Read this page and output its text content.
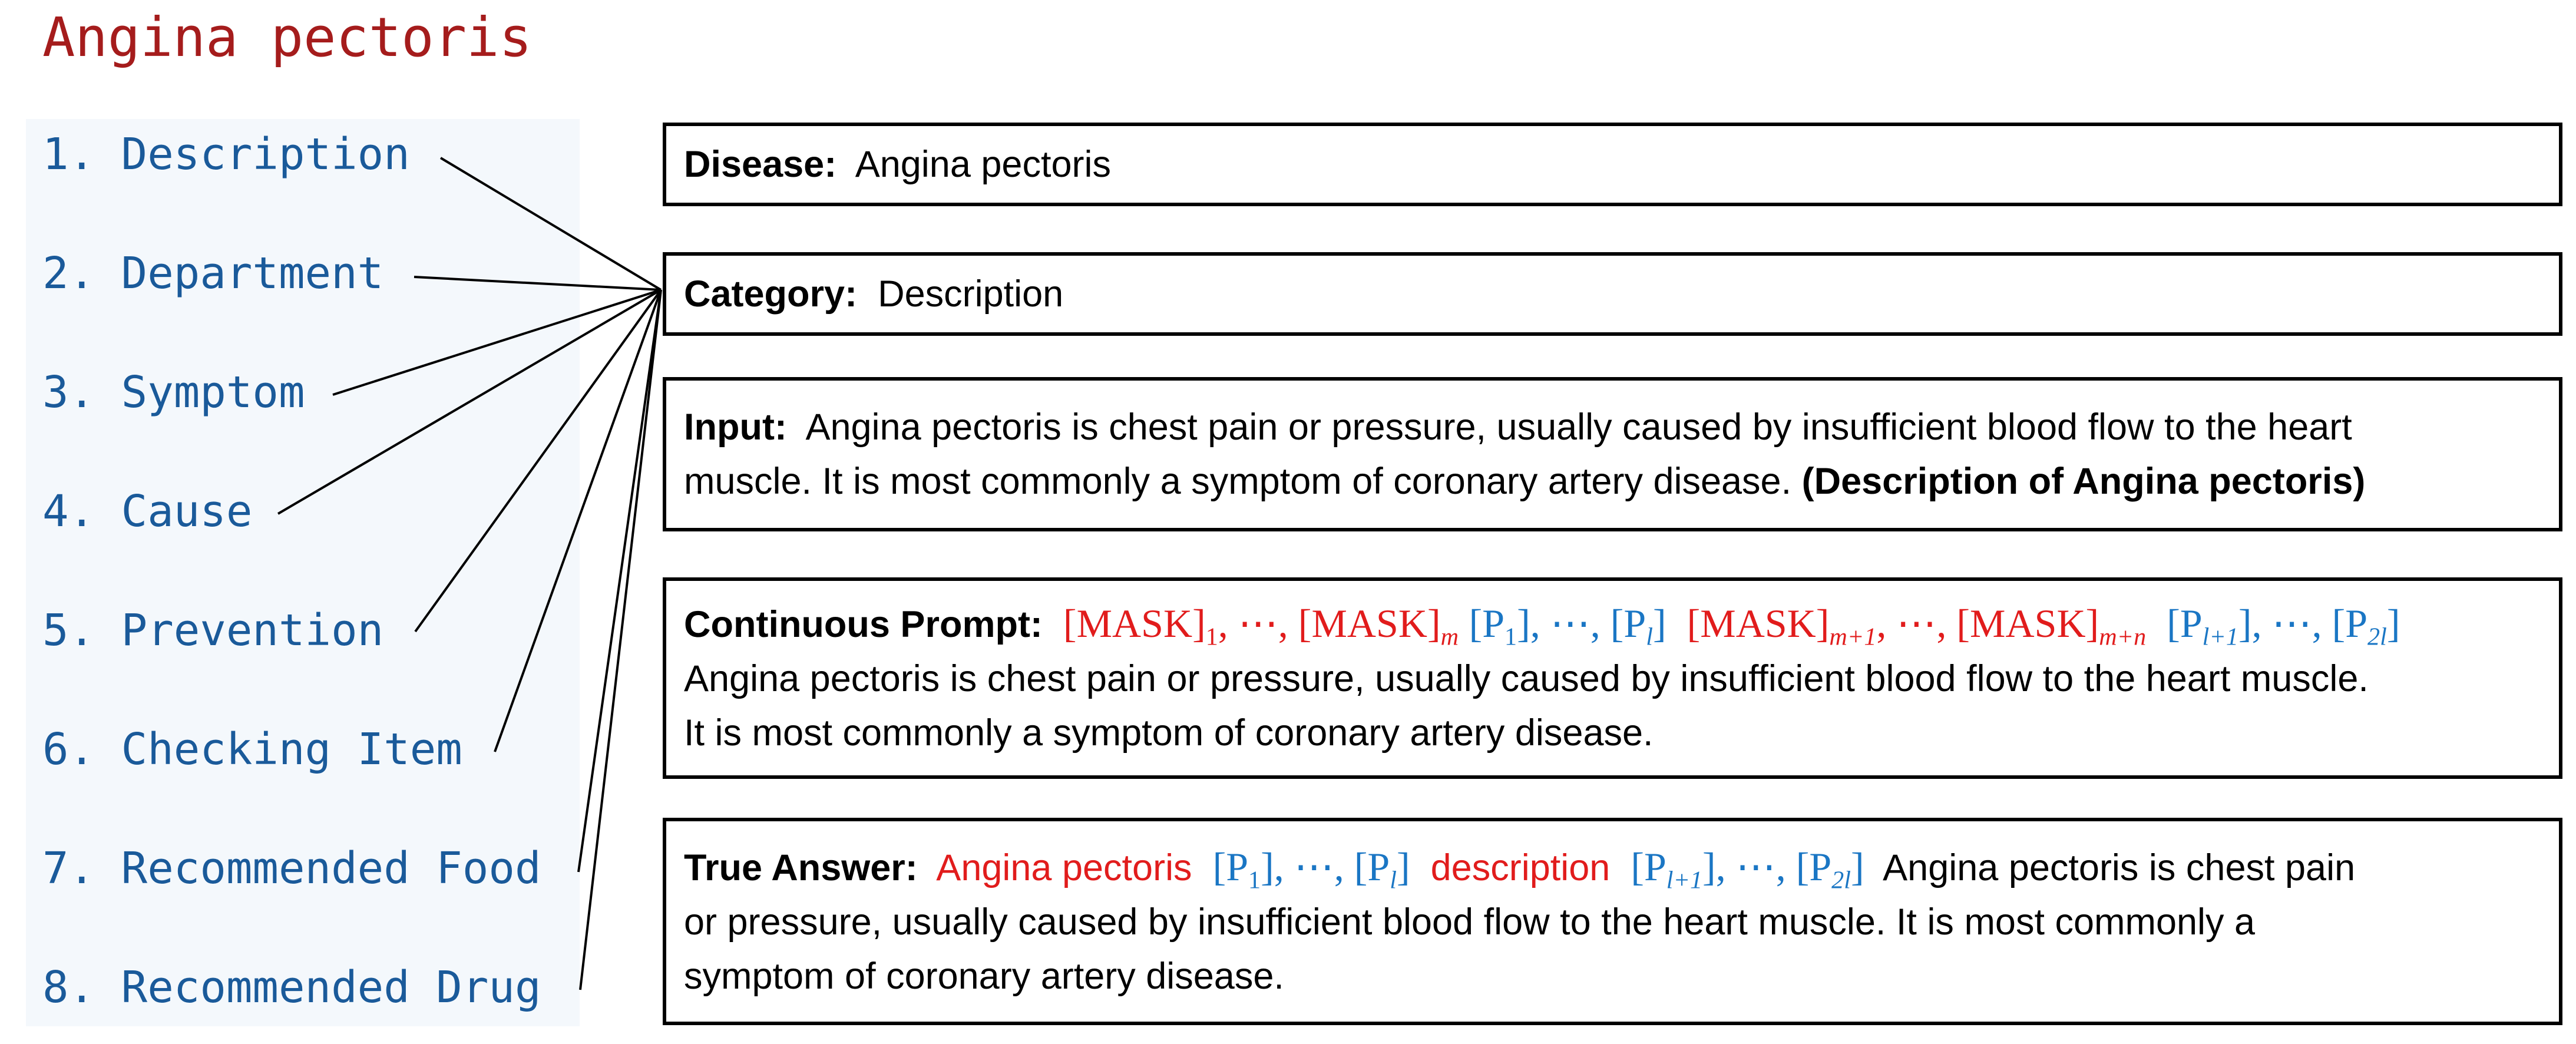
Angina pectoris
1. Description
2. Department
3. Symptom
4. Cause
5. Prevention
6. Checking Item
7. Recommended Food
8. Recommended Drug
Disease: Angina pectoris
Category: Description
Input: Angina pectoris is chest pain or pressure, usually caused by insufficient blood flow to the heart
muscle. It is most commonly a symptom of coronary artery disease. (Description of Angina pectoris)
Continuous Prompt: $[MASK]_1$, ⋯, $[MASK]_m$ $[P_1]$, ⋯, $[P_l]$ $[MASK]_{m+1}$, ⋯, $[MASK]_{m+n}$ $[P_{l+1}]$, ⋯, $[P_{2l}]$
Angina pectoris is chest pain or pressure, usually caused by insufficient blood flow to the heart muscle.
It is most commonly a symptom of coronary artery disease.
True Answer: Angina pectoris $[P_1]$, ⋯, $[P_l]$ description $[P_{l+1}]$, ⋯, $[P_{2l}]$ Angina pectoris is chest pain
or pressure, usually caused by insufficient blood flow to the heart muscle. It is most commonly a
symptom of coronary artery disease.
